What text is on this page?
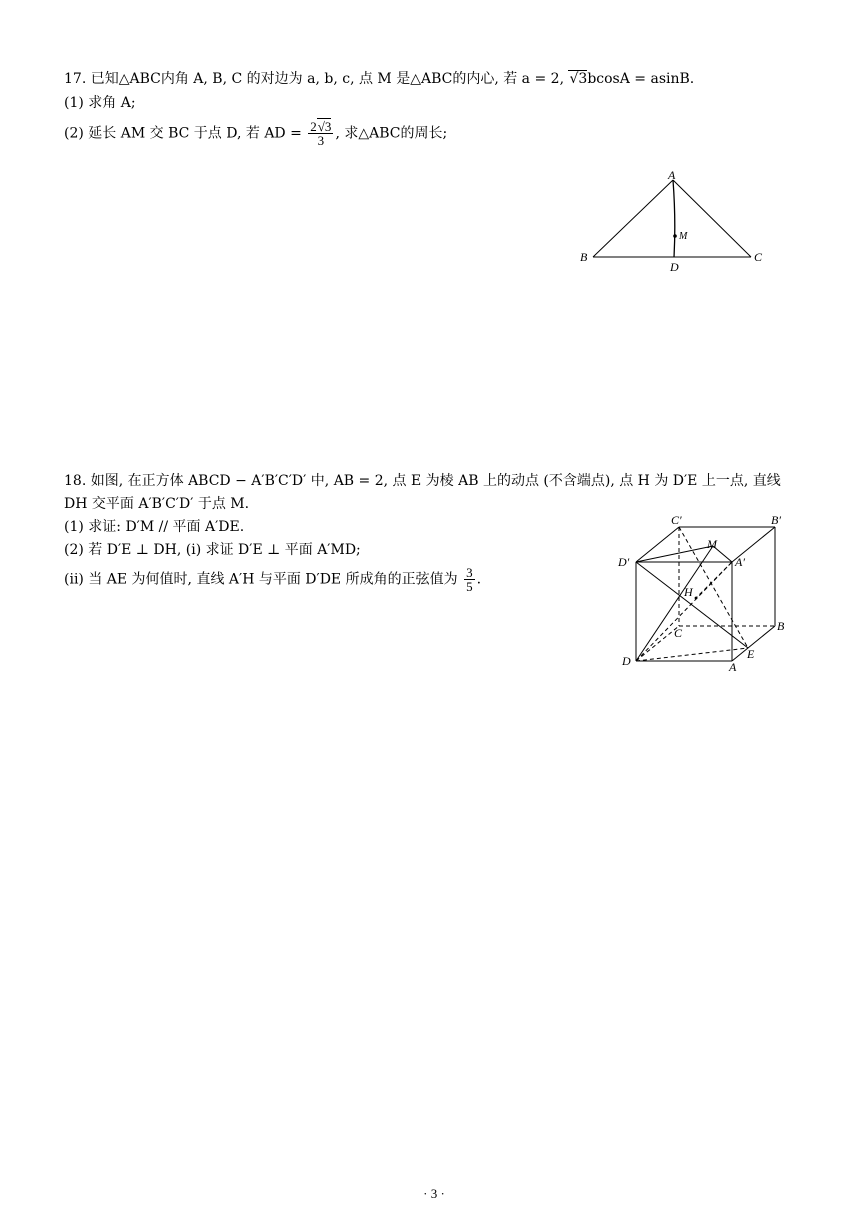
17. 已知△ABC内角 A, B, C 的对边为 a, b, c, 点 M 是△ABC的内心, 若 a = 2, √3bcosA = asinB.
(1) 求角 A;
(2) 延长 AM 交 BC 于点 D, 若 AD = $\frac{2√3}{3}$ , 求△ABC的周长;
A
B	C
D
M
18. 如图, 在正方体 ABCD − A′B′C′D′ 中, AB = 2, 点 E 为棱 AB 上的动点 (不含端点), 点 H 为 D′E 上一点, 直线
DH 交平面 A′B′C′D′ 于点 M.
(1) 求证: D′M // 平面 A′DE.
(2) 若 D′E ⊥ DH, (i) 求证 D′E ⊥ 平面 A′MD;
(ii) 当 AE 为何值时, 直线 A′H 与平面 D′DE 所成角的正弦值为 $\frac{3}{5}$ .
C′	B′
M
D′	A′
H
C	B
D	E
A
· 3 ·
